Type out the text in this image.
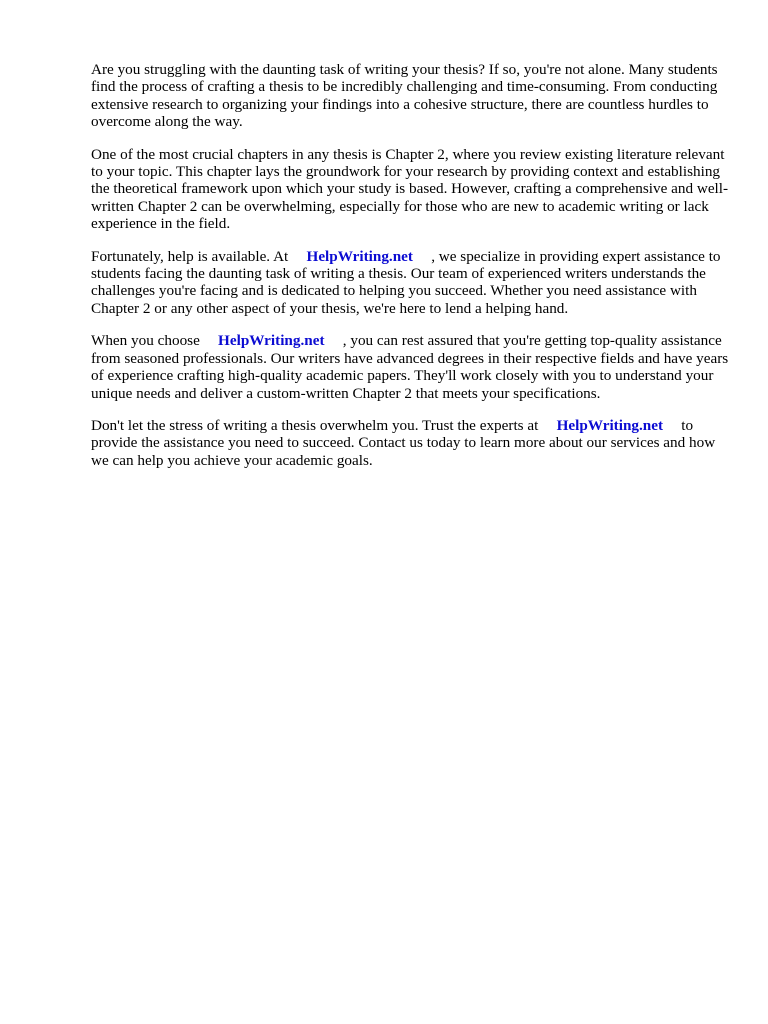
Are you struggling with the daunting task of writing your thesis? If so, you're not alone. Many students find the process of crafting a thesis to be incredibly challenging and time-consuming. From conducting extensive research to organizing your findings into a cohesive structure, there are countless hurdles to overcome along the way.

One of the most crucial chapters in any thesis is Chapter 2, where you review existing literature relevant to your topic. This chapter lays the groundwork for your research by providing context and establishing the theoretical framework upon which your study is based. However, crafting a comprehensive and well-written Chapter 2 can be overwhelming, especially for those who are new to academic writing or lack experience in the field.

Fortunately, help is available. At HelpWriting.net , we specialize in providing expert assistance to students facing the daunting task of writing a thesis. Our team of experienced writers understands the challenges you're facing and is dedicated to helping you succeed. Whether you need assistance with Chapter 2 or any other aspect of your thesis, we're here to lend a helping hand.

When you choose HelpWriting.net , you can rest assured that you're getting top-quality assistance from seasoned professionals. Our writers have advanced degrees in their respective fields and have years of experience crafting high-quality academic papers. They'll work closely with you to understand your unique needs and deliver a custom-written Chapter 2 that meets your specifications.

Don't let the stress of writing a thesis overwhelm you. Trust the experts at HelpWriting.net to provide the assistance you need to succeed. Contact us today to learn more about our services and how we can help you achieve your academic goals.
